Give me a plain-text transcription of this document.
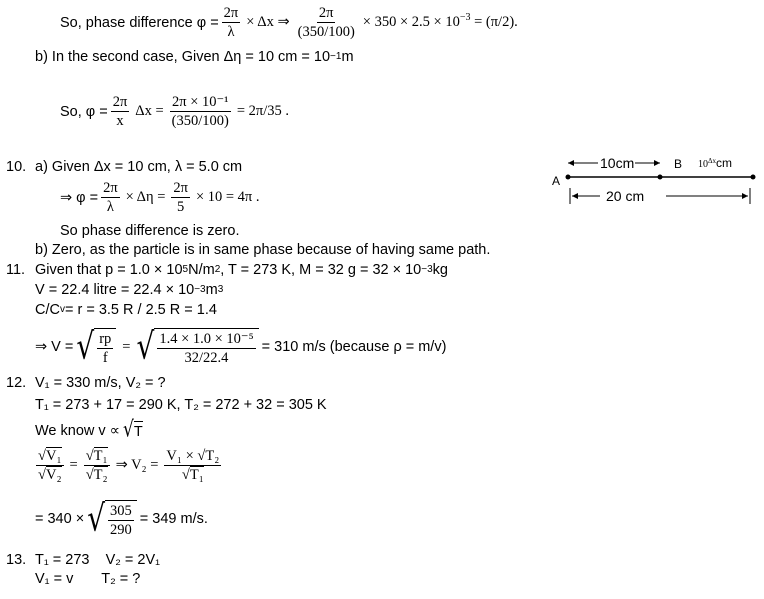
So, phase difference $\varphi = \frac{2\pi}{\lambda} \times \Delta x$ ⇒ $\frac{2\pi}{(350/100)} \times 350 \times 2.5 \times 10^{-3} = (\pi/2)$.
b) In the second case, Given Δη = 10 cm = 10 −1 m
So, $\varphi = \frac{2\pi}{x}$ $\Delta x = \frac{\text{2π × 10⁻¹}}{(350/100)} = 2\pi/35$ .
10. a) Given Δx = 10 cm, λ = 5.0 cm
⇒ $\varphi = \frac{2\pi}{\lambda} \times \Delta\eta = \frac{2\pi}{5} \times 10 = 4\pi$ .
So phase difference is zero.
b) Zero, as the particle is in same phase because of having same path.
10cm	B $10^{\Delta x}cm$
A
20 cm
11. Given that p = 1.0 × 10 5 N/m 2 , T = 273 K, M = 32 g = 32 × 10 −3 kg
V = 22.4 litre = 22.4 × 10 −3 m 3
C/C v = r = 3.5 R / 2.5 R = 1.4
⇒ V = √ $\frac{rp}{f}$ = √ $\frac{\text{1.4 × 1.0 × 10⁻⁵}}{32/22.4} = 310$ m/s (because ρ = m/v)
12. V₁ = 330 m/s, V₂ = ?
T₁ = 273 + 17 = 290 K, T₂ = 272 + 32 = 305 K
We know v ∝ √ T
$\frac{\text{√V₁}}{\text{√V₂}} = \frac{\text{√T₁}}{\text{√T₂}}$ ⇒ $V_2 = \frac{\text{V₁ × √T₂}}{\text{√T₁}}$
= 340 × √ $\frac{305}{290} = 349$ m/s.
13. T₁ = 273    V₂ = 2V₁
V₁ = v       T₂ = ?
